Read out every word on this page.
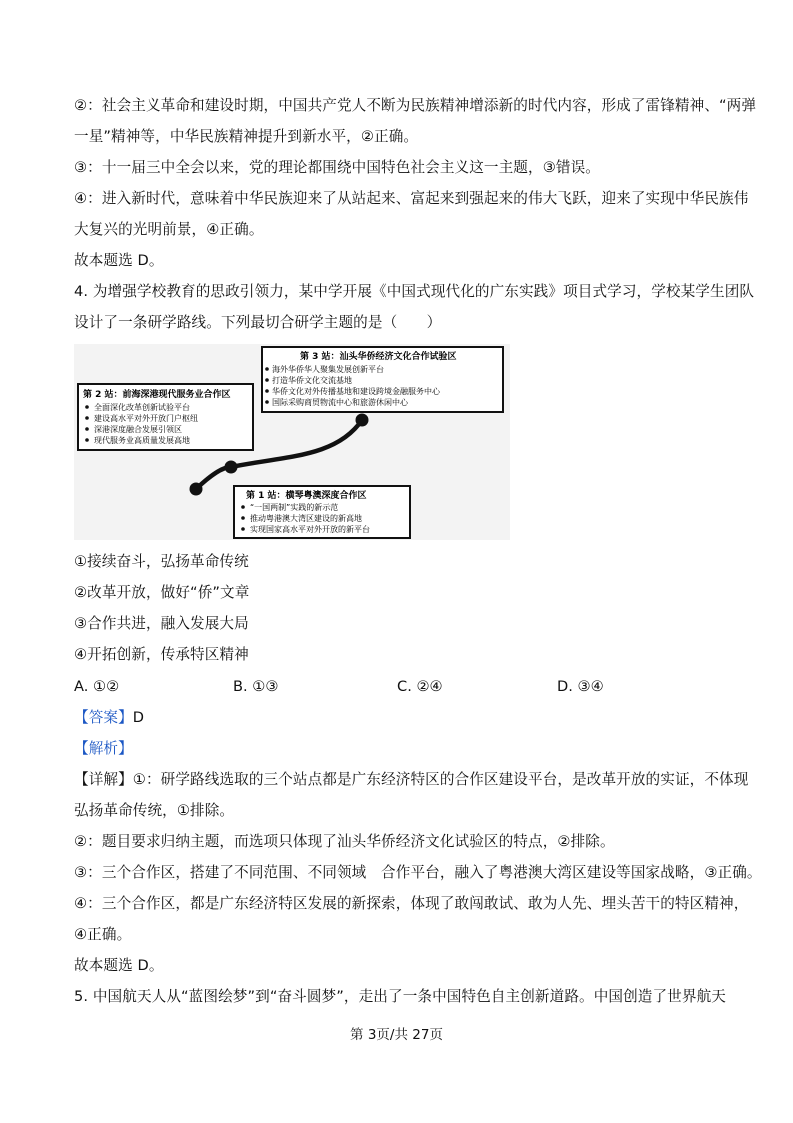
②：社会主义革命和建设时期，中国共产党人不断为民族精神增添新的时代内容，形成了雷锋精神、“两弹
一星”精神等，中华民族精神提升到新水平，②正确。
③：十一届三中全会以来，党的理论都围绕中国特色社会主义这一主题，③错误。
④：进入新时代，意味着中华民族迎来了从站起来、富起来到强起来的伟大飞跃，迎来了实现中华民族伟
大复兴的光明前景，④正确。
故本题选 D。
4. 为增强学校教育的思政引领力，某中学开展《中国式现代化的广东实践》项目式学习，学校某学生团队
设计了一条研学路线。下列最切合研学主题的是（　　）
第 3 站：汕头华侨经济文化合作试验区
海外华侨华人聚集发展创新平台
打造华侨文化交流基地
华侨文化对外传播基地和建设跨境金融服务中心
国际采购商贸物流中心和旅游休闲中心
第 2 站：前海深港现代服务业合作区
全面深化改革创新试验平台
建设高水平对外开放门户枢纽
深港深度融合发展引领区
现代服务业高质量发展高地
第 1 站：横琴粤澳深度合作区
“一国两制”实践的新示范
推动粤港澳大湾区建设的新高地
实现国家高水平对外开放的新平台
①接续奋斗，弘扬革命传统
②改革开放，做好“侨”文章
③合作共进，融入发展大局
④开拓创新，传承特区精神
A. ①②	B. ①③	C. ②④	D. ③④
【答案】D
【解析】
【详解】①：研学路线选取的三个站点都是广东经济特区的合作区建设平台，是改革开放的实证，不体现
弘扬革命传统，①排除。
②：题目要求归纳主题，而选项只体现了汕头华侨经济文化试验区的特点，②排除。
③：三个合作区，搭建了不同范围、不同领域　合作平台，融入了粤港澳大湾区建设等国家战略，③正确。
④：三个合作区，都是广东经济特区发展的新探索，体现了敢闯敢试、敢为人先、埋头苦干的特区精神，
④正确。
故本题选 D。
5. 中国航天人从“蓝图绘梦”到“奋斗圆梦”，走出了一条中国特色自主创新道路。中国创造了世界航天
第 3页/共 27页
